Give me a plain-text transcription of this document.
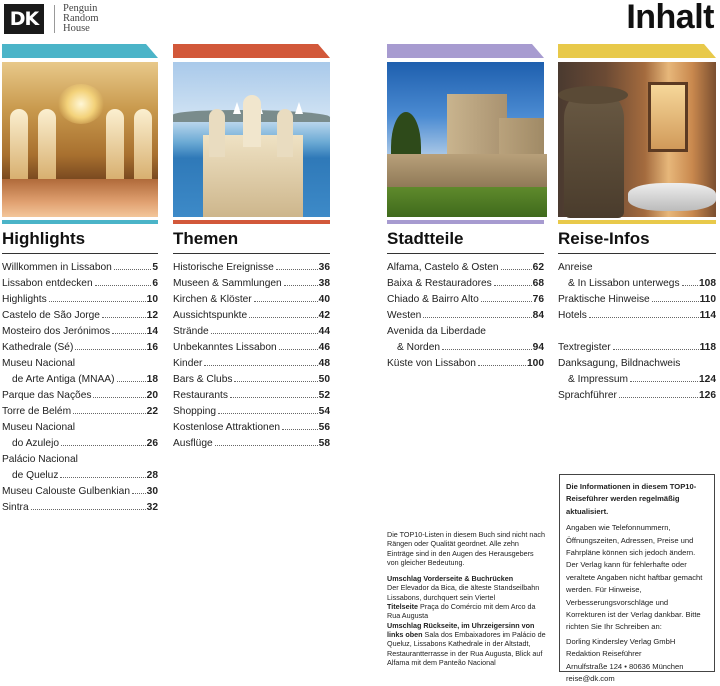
DK	Penguin
Random
House	Inhalt
Highlights
Willkommen in Lissabon	5
Lissabon entdecken	6
Highlights	10
Castelo de São Jorge	12
Mosteiro dos Jerónimos	14
Kathedrale (Sé)	16
Museu Nacional
de Arte Antiga (MNAA)	18
Parque das Nações	20
Torre de Belém	22
Museu Nacional
do Azulejo	26
Palácio Nacional
de Queluz	28
Museu Calouste Gulbenkian 30
Sintra	32
Themen
Historische Ereignisse	36
Museen & Sammlungen	38
Kirchen & Klöster	40
Aussichtspunkte	42
Strände	44
Unbekanntes Lissabon	46
Kinder	48
Bars & Clubs	50
Restaurants	52
Shopping	54
Kostenlose Attraktionen	56
Ausflüge	58
Stadtteile
Alfama, Castelo & Osten	62
Baixa & Restauradores	68
Chiado & Bairro Alto	76
Westen	84
Avenida da Liberdade
& Norden	94
Küste von Lissabon	100
Reise-Infos
Anreise
& In Lissabon unterwegs 108
Praktische Hinweise	110
Hotels	114
Textregister	118
Danksagung, Bildnachweis
& Impressum	124
Sprachführer	126

Die TOP10-Listen in diesem Buch sind nicht nach Rängen oder Qualität geordnet. Alle zehn Einträge sind in den Augen des Herausgebers von gleicher Bedeutung.

Umschlag Vorderseite & Buchrücken
Der Elevador da Bica, die älteste Standseilbahn Lissabons, durchquert sein Viertel
Titelseite Praça do Comércio mit dem Arco da Rua Augusta
Umschlag Rückseite, im Uhrzeigersinn von links oben Sala dos Embaixadores im Palácio de Queluz, Lissabons Kathedrale in der Altstadt, Restaurantterrasse in der Rua Augusta, Blick auf Alfama mit dem Panteão Nacional
Die Informationen in diesem TOP10-Reiseführer werden regelmäßig aktualisiert.
Angaben wie Telefonnummern, Öffnungszeiten, Adressen, Preise und Fahrpläne können sich jedoch ändern. Der Verlag kann für fehlerhafte oder veraltete Angaben nicht haftbar gemacht werden. Für Hinweise, Verbesserungsvorschläge und Korrekturen ist der Verlag dankbar. Bitte richten Sie Ihr Schreiben an:
Dorling Kindersley Verlag GmbH
Redaktion Reiseführer
Arnulfstraße 124 • 80636 München
reise@dk.com
